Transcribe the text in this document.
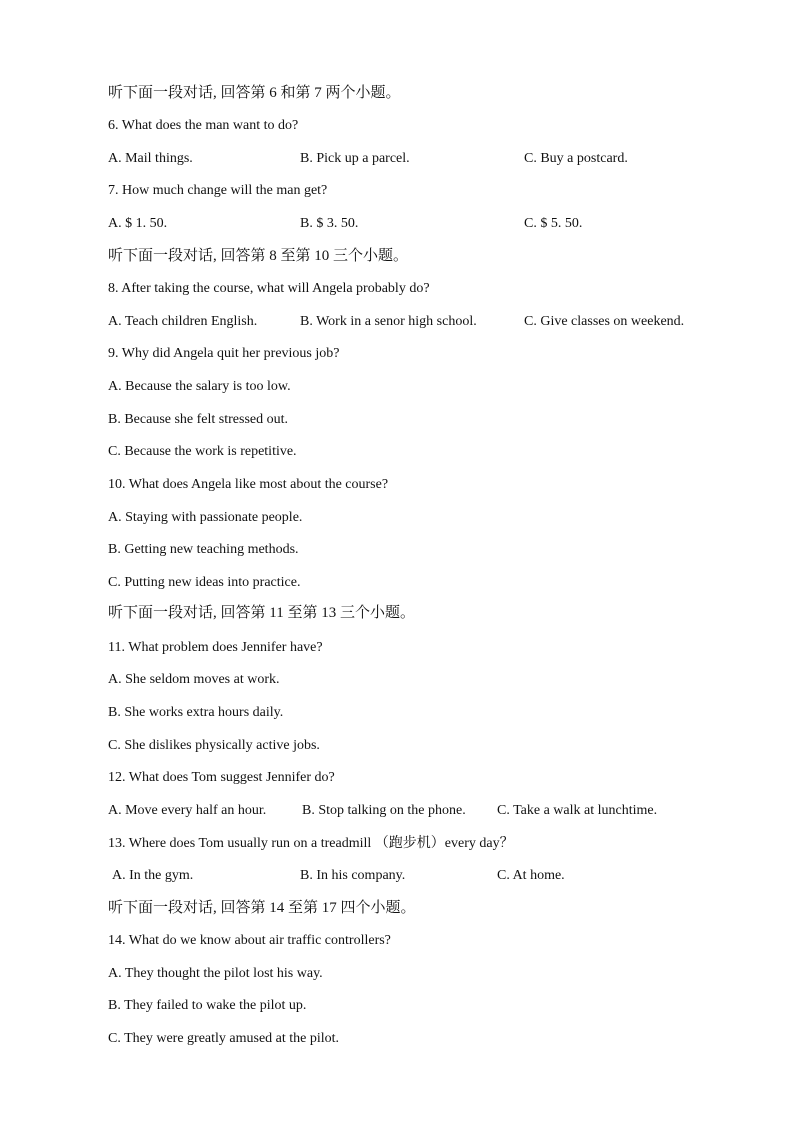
听下面一段对话, 回答第 6 和第 7 两个小题。
6. What does the man want to do?
A. Mail things.	B. Pick up a parcel.	C. Buy a postcard.
7. How much change will the man get?
A. $ 1. 50.	B. $ 3. 50.	C. $ 5. 50.
听下面一段对话, 回答第 8 至第 10 三个小题。
8. After taking the course, what will Angela probably do?
A. Teach children English.	B. Work in a senor high school.	C. Give classes on weekend.
9. Why did Angela quit her previous job?
A. Because the salary is too low.
B. Because she felt stressed out.
C. Because the work is repetitive.
10. What does Angela like most about the course?
A. Staying with passionate people.
B. Getting new teaching methods.
C. Putting new ideas into practice.
听下面一段对话, 回答第 11 至第 13 三个小题。
11. What problem does Jennifer have?
A. She seldom moves at work.
B. She works extra hours daily.
C. She dislikes physically active jobs.
12. What does Tom suggest Jennifer do?
A. Move every half an hour.	B. Stop talking on the phone. C. Take a walk at lunchtime.
13. Where does Tom usually run on a treadmill （跑步机）every day？
A. In the gym.	B. In his company.	C. At home.
听下面一段对话, 回答第 14 至第 17 四个小题。
14. What do we know about air traffic controllers?
A. They thought the pilot lost his way.
B. They failed to wake the pilot up.
C. They were greatly amused at the pilot.
